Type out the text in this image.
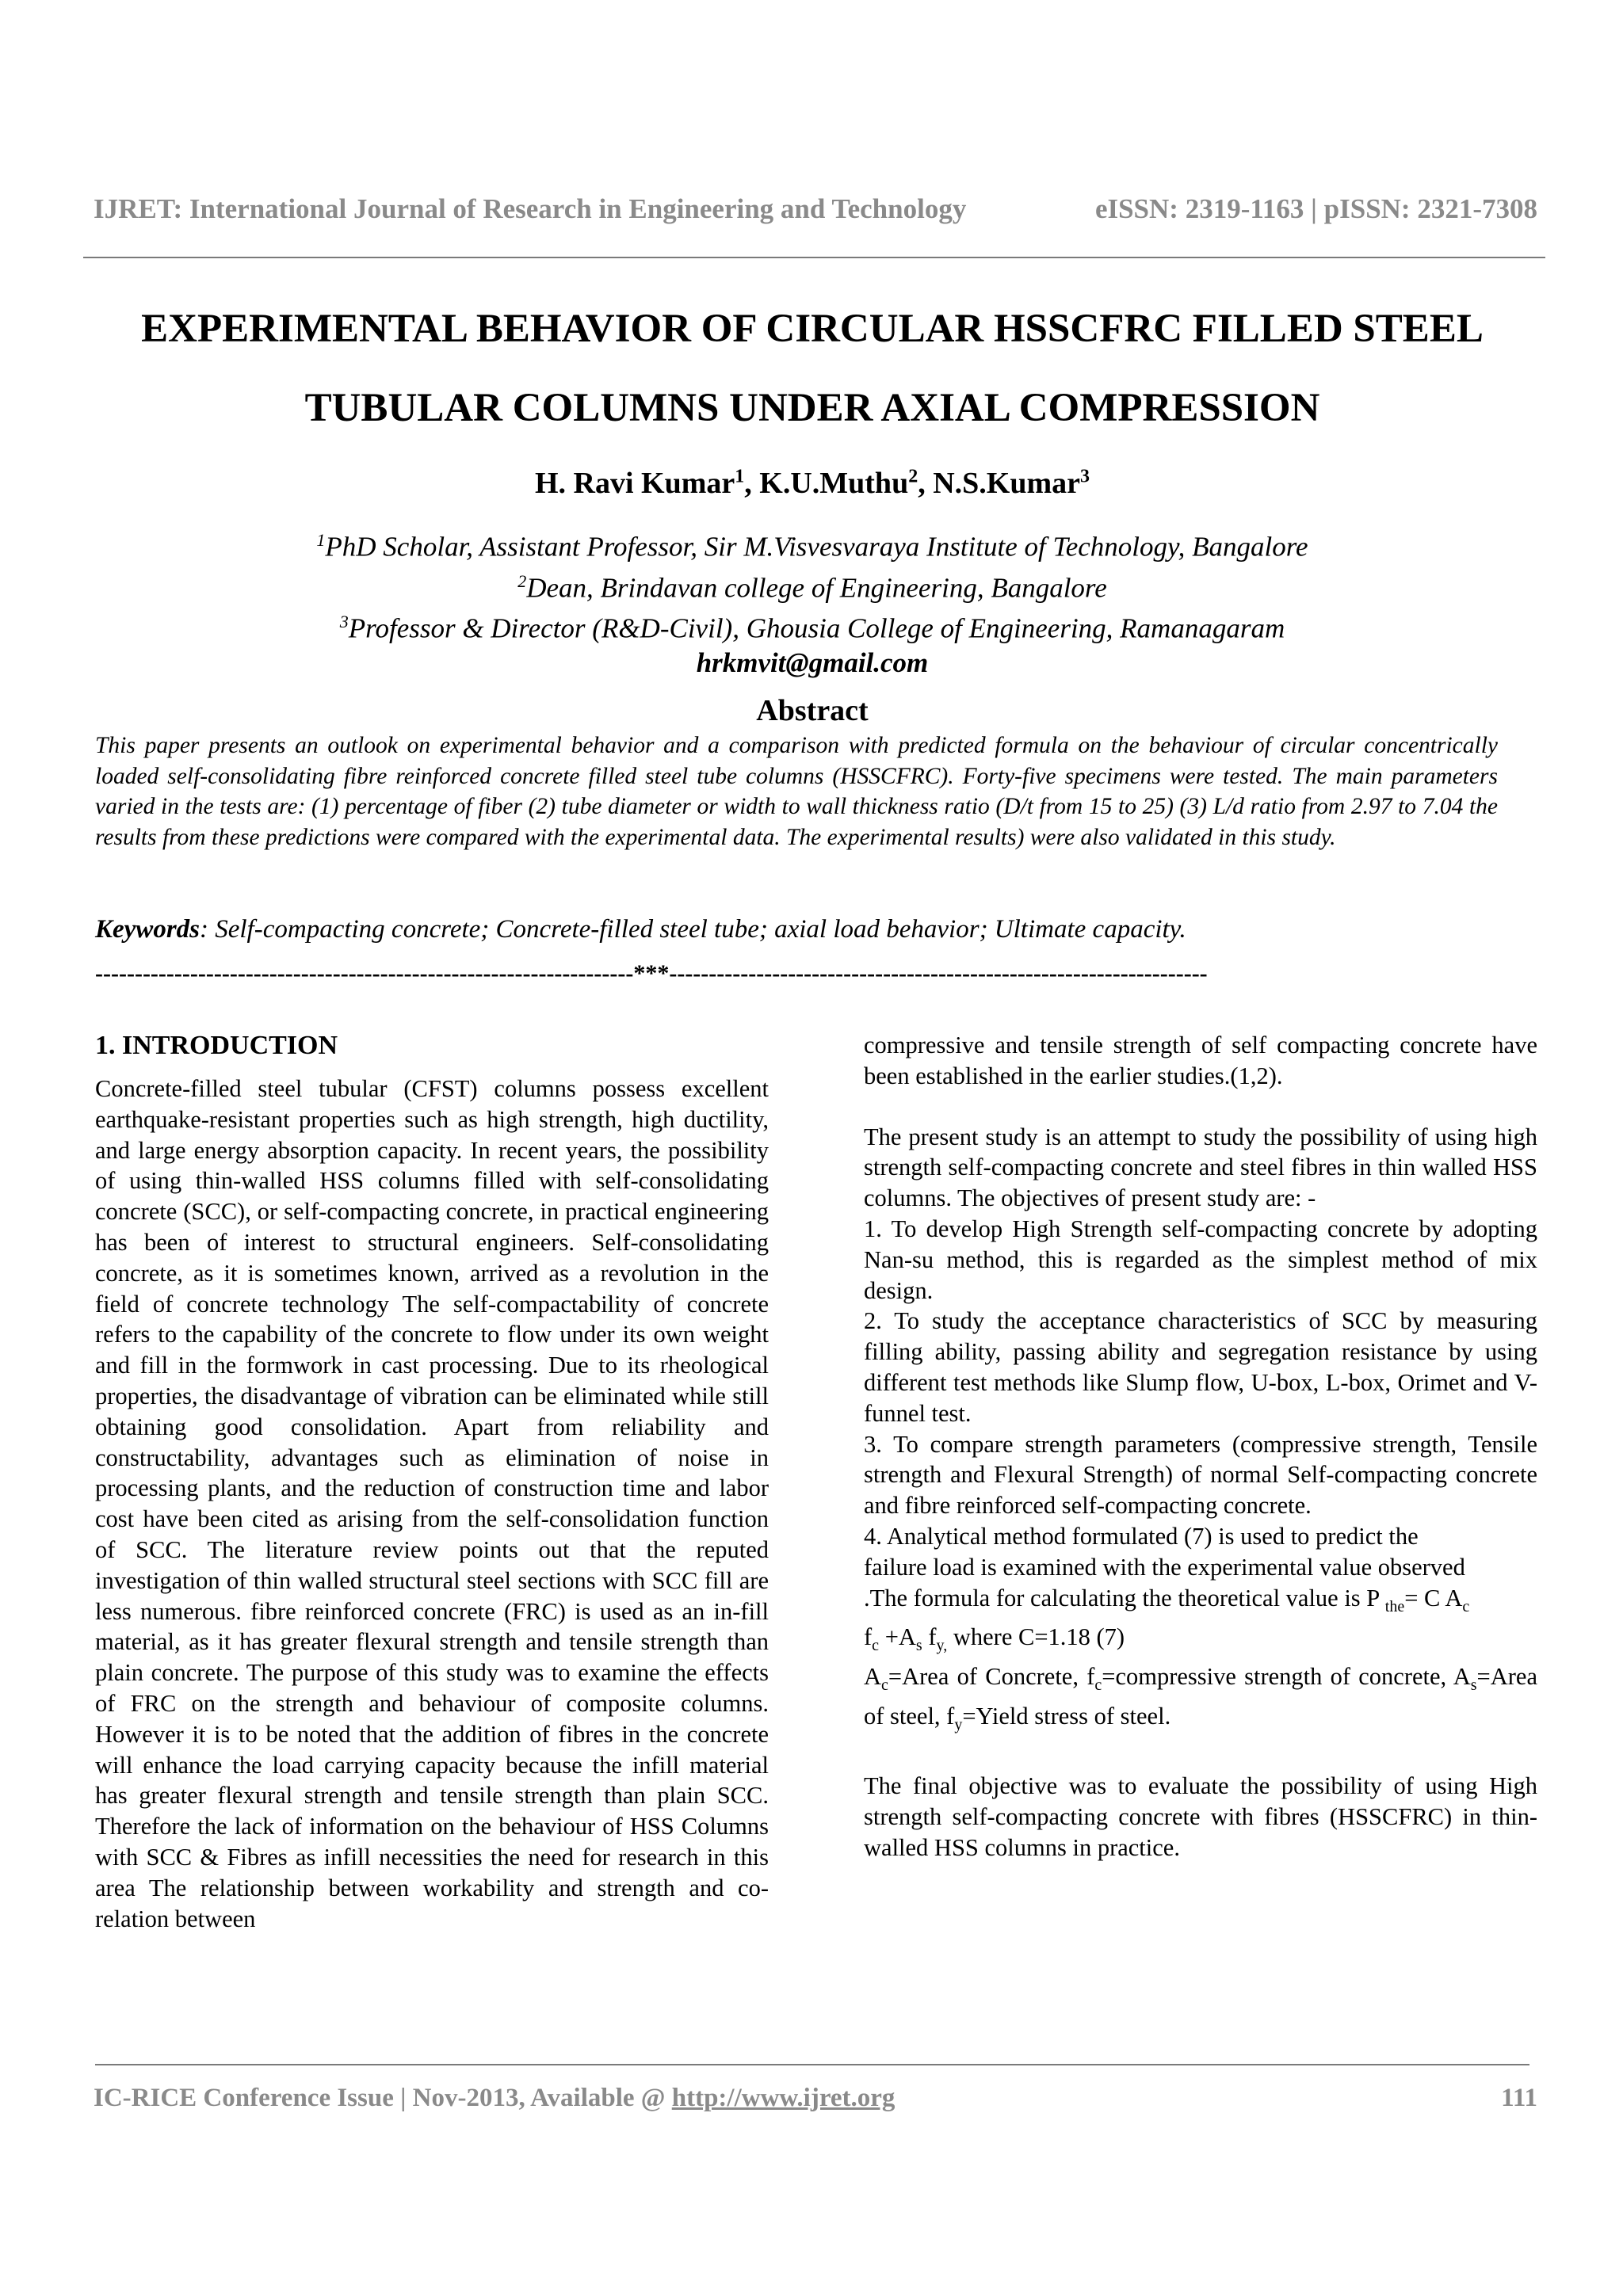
IJRET: International Journal of Research in Engineering and Technology	eISSN: 2319-1163 | pISSN: 2321-7308
EXPERIMENTAL BEHAVIOR OF CIRCULAR HSSCFRC FILLED STEEL
TUBULAR COLUMNS UNDER AXIAL COMPRESSION
H. Ravi Kumar$^1$, K.U.Muthu$^2$, N.S.Kumar$^3$
$^1$PhD Scholar, Assistant Professor, Sir M.Visvesvaraya Institute of Technology, Bangalore
$^2$Dean, Brindavan college of Engineering, Bangalore
$^3$Professor & Director (R&D-Civil), Ghousia College of Engineering, Ramanagaram
hrkmvit@gmail.com
Abstract
This paper presents an outlook on experimental behavior and a comparison with predicted formula on the behaviour of circular concentrically loaded self-consolidating fibre reinforced concrete filled steel tube columns (HSSCFRC). Forty-five specimens were tested. The main parameters varied in the tests are: (1) percentage of fiber (2) tube diameter or width to wall thickness ratio (D/t from 15 to 25) (3) L/d ratio from 2.97 to 7.04 the results from these predictions were compared with the experimental data. The experimental results) were also validated in this study.
Keywords: Self-compacting concrete; Concrete-filled steel tube; axial load behavior; Ultimate capacity.
--------------------------------------------------------------------***--------------------------------------------------------------------
1. INTRODUCTION

Concrete-filled steel tubular (CFST) columns possess excellent earthquake-resistant properties such as high strength, high ductility, and large energy absorption capacity. In recent years, the possibility of using thin-walled HSS columns filled with self-consolidating concrete (SCC), or self-compacting concrete, in practical engineering has been of interest to structural engineers. Self-consolidating concrete, as it is sometimes known, arrived as a revolution in the field of concrete technology The self-compactability of concrete refers to the capability of the concrete to flow under its own weight and fill in the formwork in cast processing. Due to its rheological properties, the disadvantage of vibration can be eliminated while still obtaining good consolidation. Apart from reliability and constructability, advantages such as elimination of noise in processing plants, and the reduction of construction time and labor cost have been cited as arising from the self-consolidation function of SCC. The literature review points out that the reputed investigation of thin walled structural steel sections with SCC fill are less numerous. fibre reinforced concrete (FRC) is used as an in-fill material, as it has greater flexural strength and tensile strength than plain concrete. The purpose of this study was to examine the effects of FRC on the strength and behaviour of composite columns. However it is to be noted that the addition of fibres in the concrete will enhance the load carrying capacity because the infill material has greater flexural strength and tensile strength than plain SCC. Therefore the lack of information on the behaviour of HSS Columns with SCC & Fibres as infill necessities the need for research in this area The relationship between workability and strength and co-relation between

compressive and tensile strength of self compacting concrete have been established in the earlier studies.(1,2).

The present study is an attempt to study the possibility of using high strength self-compacting concrete and steel fibres in thin walled HSS columns. The objectives of present study are: -

1. To develop High Strength self-compacting concrete by adopting Nan-su method, this is regarded as the simplest method of mix design.

2. To study the acceptance characteristics of SCC by measuring filling ability, passing ability and segregation resistance by using different test methods like Slump flow, U-box, L-box, Orimet and V-funnel test.

3. To compare strength parameters (compressive strength, Tensile strength and Flexural Strength) of normal Self-compacting concrete and fibre reinforced self-compacting concrete.

4. Analytical method formulated (7) is used to predict the
failure load is examined with the experimental value observed
.The formula for calculating the theoretical value is P $_{the}$= C $A_c$
$f_c +A_s$ $f_{y,}$ where C=1.18 (7)

$A_c=Area$ of Concrete, $f_c=compressive$ strength of concrete, $A_s=Area$ of steel, $f_y=Yield$ stress of steel.

The final objective was to evaluate the possibility of using High strength self-compacting concrete with fibres (HSSCFRC) in thin-walled HSS columns in practice.

IC-RICE Conference Issue | Nov-2013, Available @ http://www.ijret.org	111
